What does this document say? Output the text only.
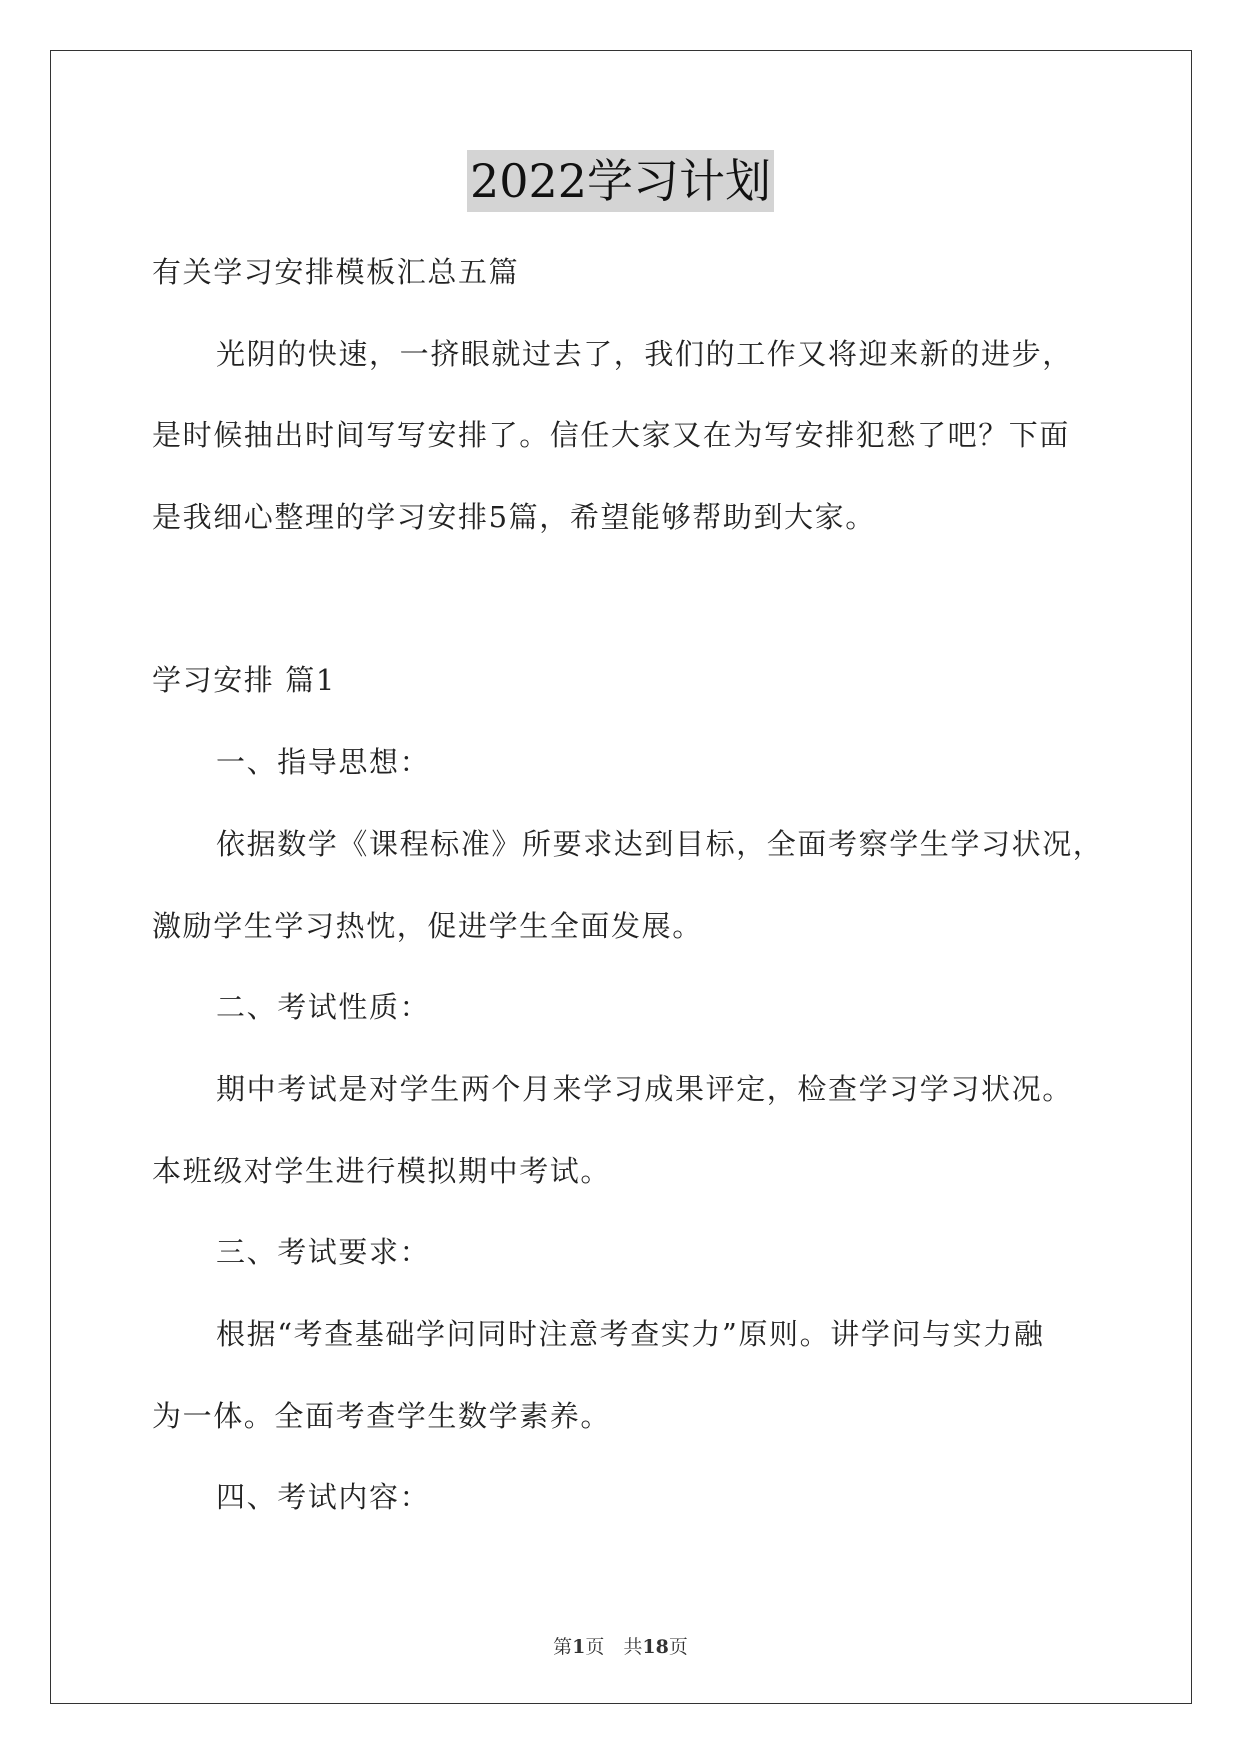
2022学习计划
有关学习安排模板汇总五篇
光阴的快速，一挤眼就过去了，我们的工作又将迎来新的进步，
是时候抽出时间写写安排了。信任大家又在为写安排犯愁了吧？下面
是我细心整理的学习安排5篇，希望能够帮助到大家。
学习安排 篇1
一、指导思想：
依据数学《课程标准》所要求达到目标，全面考察学生学习状况，
激励学生学习热忱，促进学生全面发展。
二、考试性质：
期中考试是对学生两个月来学习成果评定，检查学习学习状况。
本班级对学生进行模拟期中考试。
三、考试要求：
根据“考查基础学问同时注意考查实力”原则。讲学问与实力融
为一体。全面考查学生数学素养。
四、考试内容：
第1页　共18页
